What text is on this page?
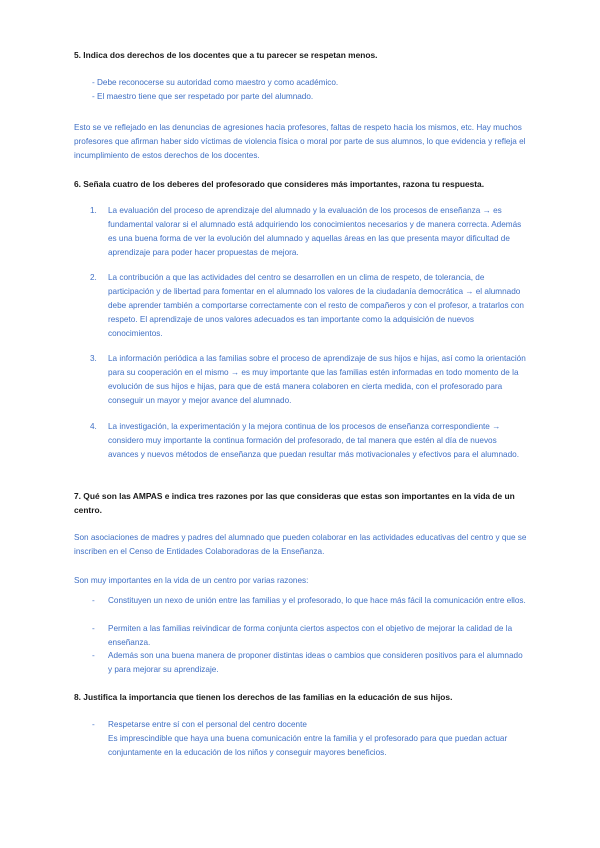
5. Indica dos derechos de los docentes que a tu parecer se respetan menos.
- Debe reconocerse su autoridad como maestro y como académico.
- El maestro tiene que ser respetado por parte del alumnado.
Esto se ve reflejado en las denuncias de agresiones hacia profesores, faltas de respeto hacia los mismos, etc. Hay muchos profesores que afirman haber sido víctimas de violencia física o moral por parte de sus alumnos, lo que evidencia y refleja el incumplimiento de estos derechos de los docentes.
6. Señala cuatro de los deberes del profesorado que consideres más importantes, razona tu respuesta.
1. La evaluación del proceso de aprendizaje del alumnado y la evaluación de los procesos de enseñanza → es fundamental valorar si el alumnado está adquiriendo los conocimientos necesarios y de manera correcta. Además es una buena forma de ver la evolución del alumnado y aquellas áreas en las que presenta mayor dificultad de aprendizaje para poder hacer propuestas de mejora.
2. La contribución a que las actividades del centro se desarrollen en un clima de respeto, de tolerancia, de participación y de libertad para fomentar en el alumnado los valores de la ciudadanía democrática → el alumnado debe aprender también a comportarse correctamente con el resto de compañeros y con el profesor, a tratarlos con respeto. El aprendizaje de unos valores adecuados es tan importante como la adquisición de nuevos conocimientos.
3. La información periódica a las familias sobre el proceso de aprendizaje de sus hijos e hijas, así como la orientación para su cooperación en el mismo → es muy importante que las familias estén informadas en todo momento de la evolución de sus hijos e hijas, para que de está manera colaboren en cierta medida, con el profesorado para conseguir un mayor y mejor avance del alumnado.
4. La investigación, la experimentación y la mejora continua de los procesos de enseñanza correspondiente → considero muy importante la continua formación del profesorado, de tal manera que estén al día de nuevos avances y nuevos métodos de enseñanza que puedan resultar más motivacionales y efectivos para el alumnado.
7. Qué son las AMPAS e indica tres razones por las que consideras que estas son importantes en la vida de un centro.
Son asociaciones de madres y padres del alumnado que pueden colaborar en las actividades educativas del centro y que se inscriben en el Censo de Entidades Colaboradoras de la Enseñanza.
Son muy importantes en la vida de un centro por varias razones:
- Constituyen un nexo de unión entre las familias y el profesorado, lo que hace más fácil la comunicación entre ellos.
- Permiten a las familias reivindicar de forma conjunta ciertos aspectos con el objetivo de mejorar la calidad de la enseñanza.
- Además son una buena manera de proponer distintas ideas o cambios que consideren positivos para el alumnado y para mejorar su aprendizaje.
8. Justifica la importancia que tienen los derechos de las familias en la educación de sus hijos.
- Respetarse entre sí con el personal del centro docente
Es imprescindible que haya una buena comunicación entre la familia y el profesorado para que puedan actuar conjuntamente en la educación de los niños y conseguir mayores beneficios.
